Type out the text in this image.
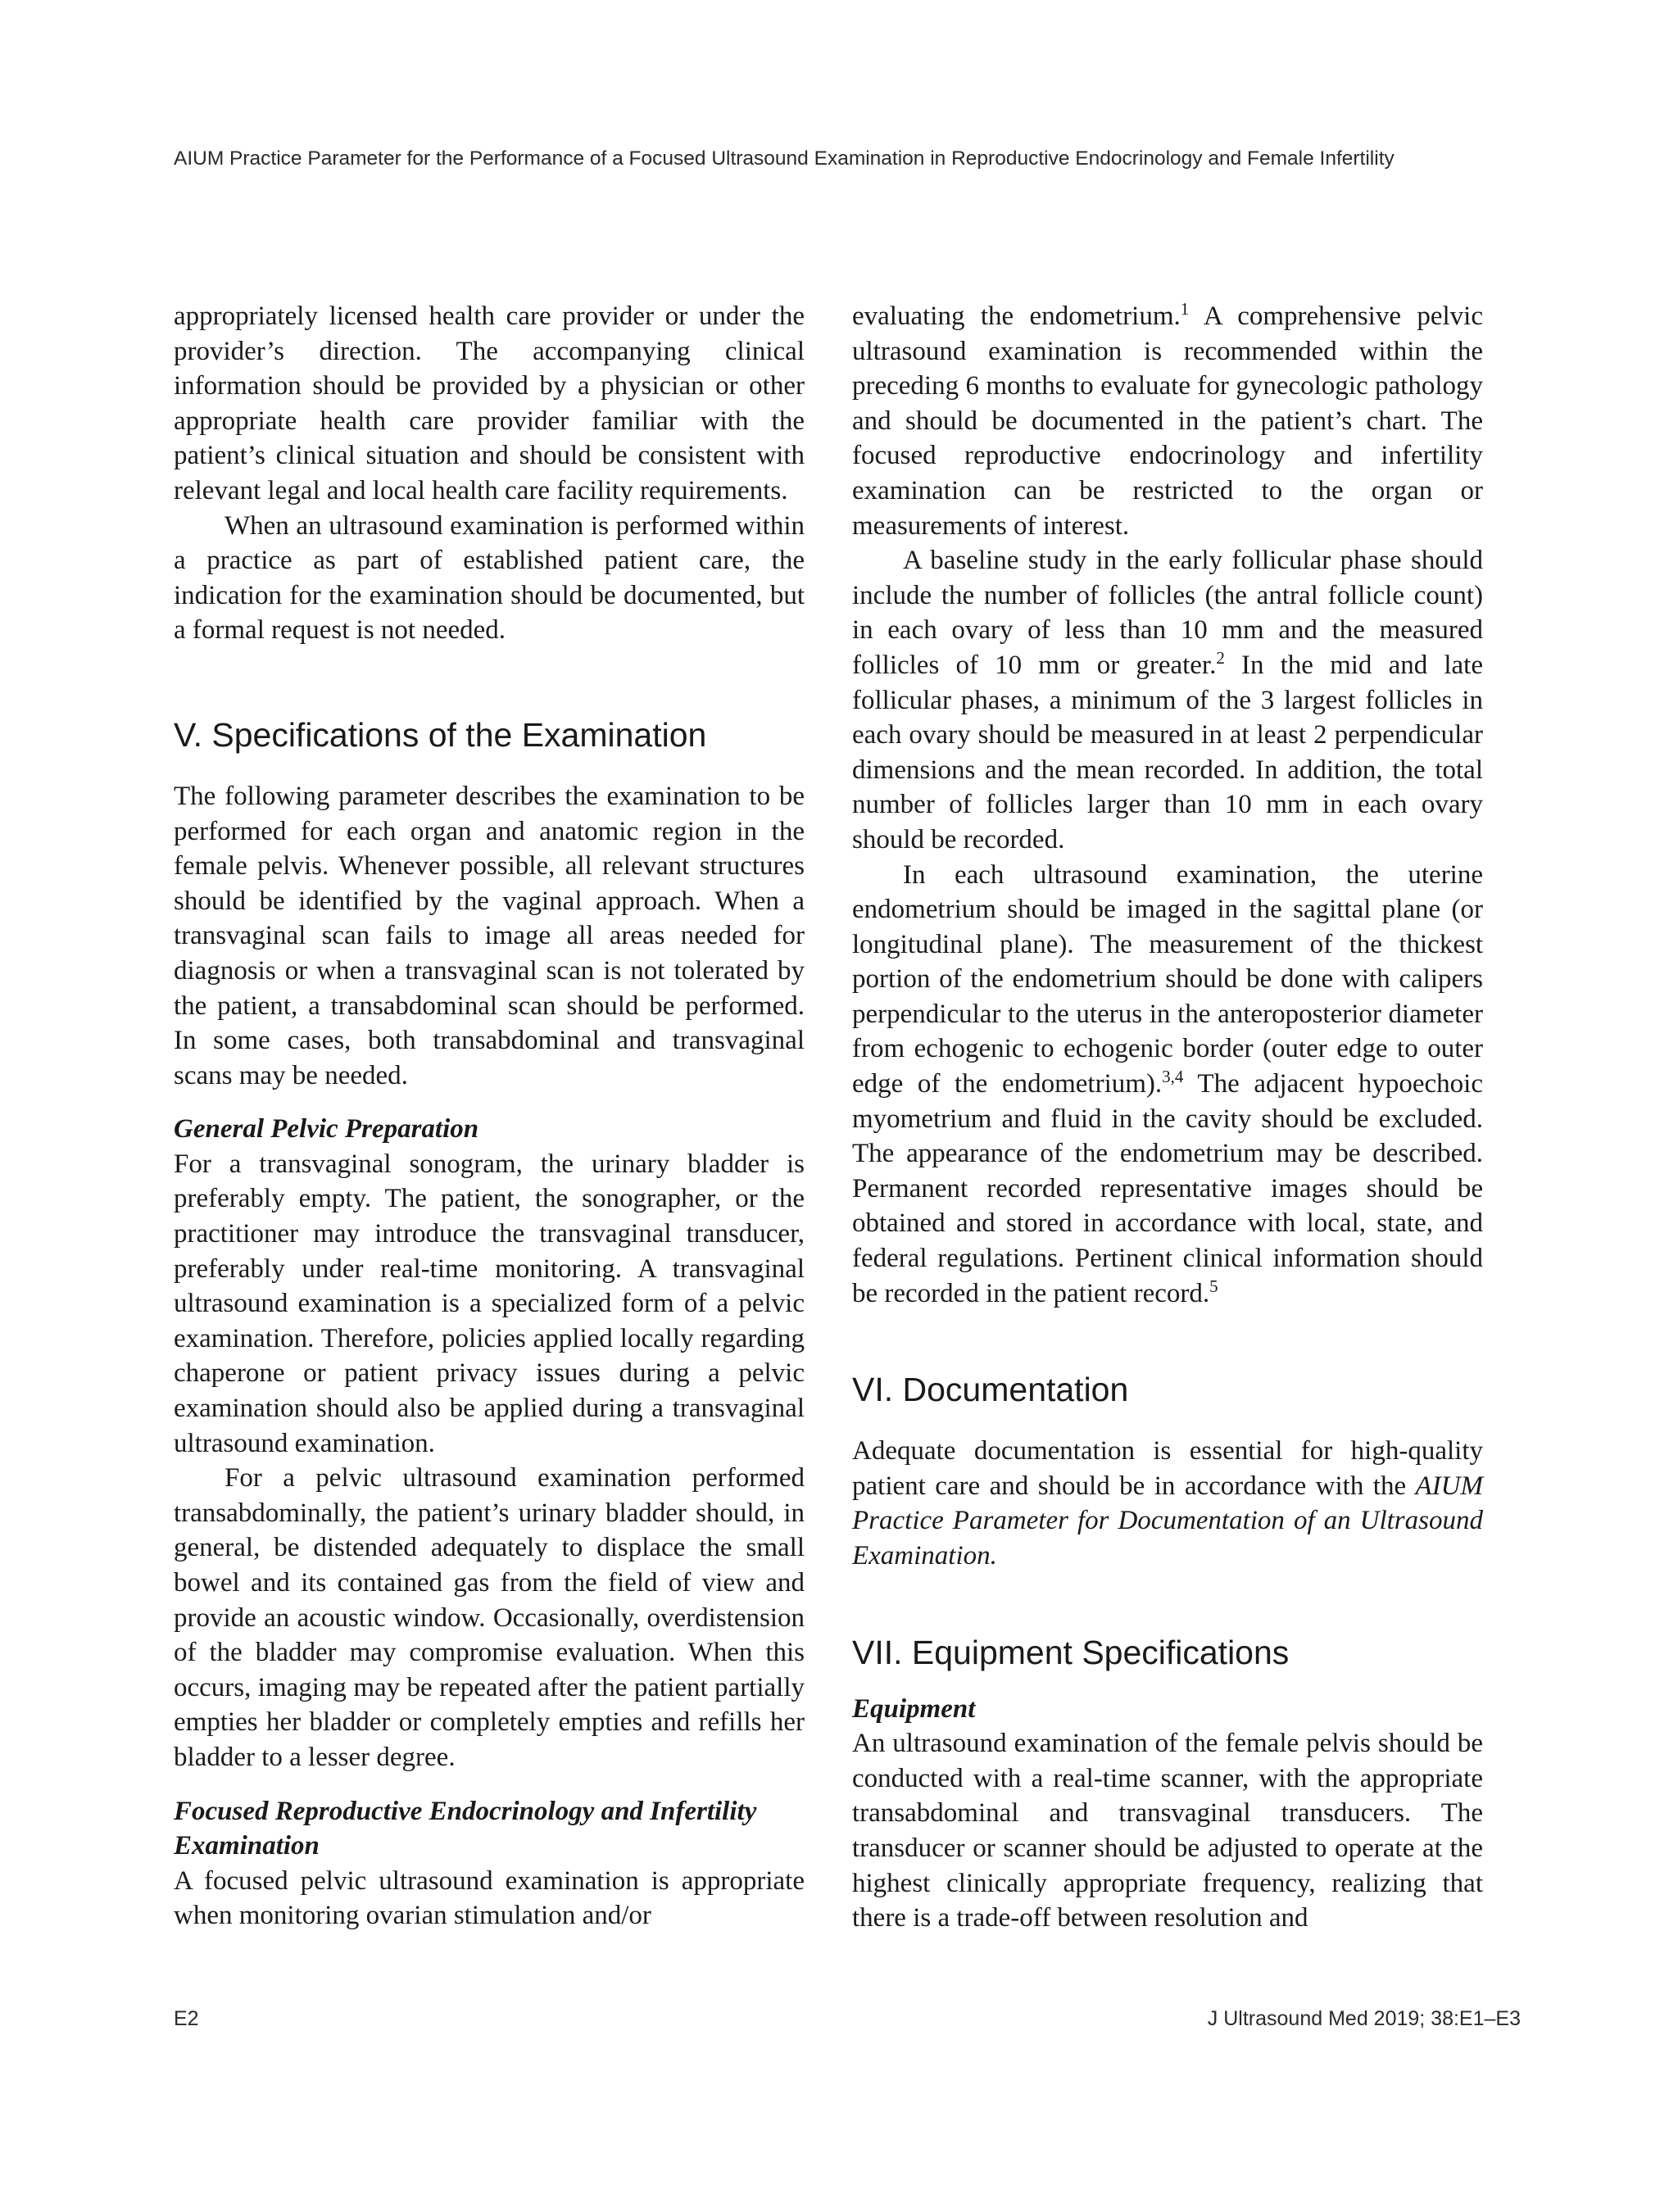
AIUM Practice Parameter for the Performance of a Focused Ultrasound Examination in Reproductive Endocrinology and Female Infertility

appropriately licensed health care provider or under the provider’s direction. The accompanying clinical information should be provided by a physician or other appropriate health care provider familiar with the patient’s clinical situation and should be consistent with relevant legal and local health care facility requirements.

When an ultrasound examination is performed within a practice as part of established patient care, the indication for the examination should be documented, but a formal request is not needed.

V. Specifications of the Examination

The following parameter describes the examination to be performed for each organ and anatomic region in the female pelvis. Whenever possible, all relevant structures should be identified by the vaginal approach. When a transvaginal scan fails to image all areas needed for diagnosis or when a transvaginal scan is not tolerated by the patient, a transabdominal scan should be performed. In some cases, both transabdominal and transvaginal scans may be needed.

General Pelvic Preparation

For a transvaginal sonogram, the urinary bladder is preferably empty. The patient, the sonographer, or the practitioner may introduce the transvaginal transducer, preferably under real-time monitoring. A transvaginal ultrasound examination is a specialized form of a pelvic examination. Therefore, policies applied locally regarding chaperone or patient privacy issues during a pelvic examination should also be applied during a transvaginal ultrasound examination.

For a pelvic ultrasound examination performed transabdominally, the patient’s urinary bladder should, in general, be distended adequately to displace the small bowel and its contained gas from the field of view and provide an acoustic window. Occasionally, overdistension of the bladder may compromise evaluation. When this occurs, imaging may be repeated after the patient partially empties her bladder or completely empties and refills her bladder to a lesser degree.

Focused Reproductive Endocrinology and Infertility Examination

A focused pelvic ultrasound examination is appropriate when monitoring ovarian stimulation and/or

evaluating the endometrium.$^1$ A comprehensive pelvic ultrasound examination is recommended within the preceding 6 months to evaluate for gynecologic pathology and should be documented in the patient’s chart. The focused reproductive endocrinology and infertility examination can be restricted to the organ or measurements of interest.

A baseline study in the early follicular phase should include the number of follicles (the antral follicle count) in each ovary of less than 10 mm and the measured follicles of 10 mm or greater.$^2$ In the mid and late follicular phases, a minimum of the 3 largest follicles in each ovary should be measured in at least 2 perpendicular dimensions and the mean recorded. In addition, the total number of follicles larger than 10 mm in each ovary should be recorded.

In each ultrasound examination, the uterine endometrium should be imaged in the sagittal plane (or longitudinal plane). The measurement of the thickest portion of the endometrium should be done with calipers perpendicular to the uterus in the anteroposterior diameter from echogenic to echogenic border (outer edge to outer edge of the endometrium).$^{3,4}$ The adjacent hypoechoic myometrium and fluid in the cavity should be excluded. The appearance of the endometrium may be described. Permanent recorded representative images should be obtained and stored in accordance with local, state, and federal regulations. Pertinent clinical information should be recorded in the patient record.$^5$

VI. Documentation

Adequate documentation is essential for high-quality patient care and should be in accordance with the AIUM Practice Parameter for Documentation of an Ultrasound Examination.

VII. Equipment Specifications
Equipment

An ultrasound examination of the female pelvis should be conducted with a real-time scanner, with the appropriate transabdominal and transvaginal transducers. The transducer or scanner should be adjusted to operate at the highest clinically appropriate frequency, realizing that there is a trade-off between resolution and

E2	J Ultrasound Med 2019; 38:E1–E3
